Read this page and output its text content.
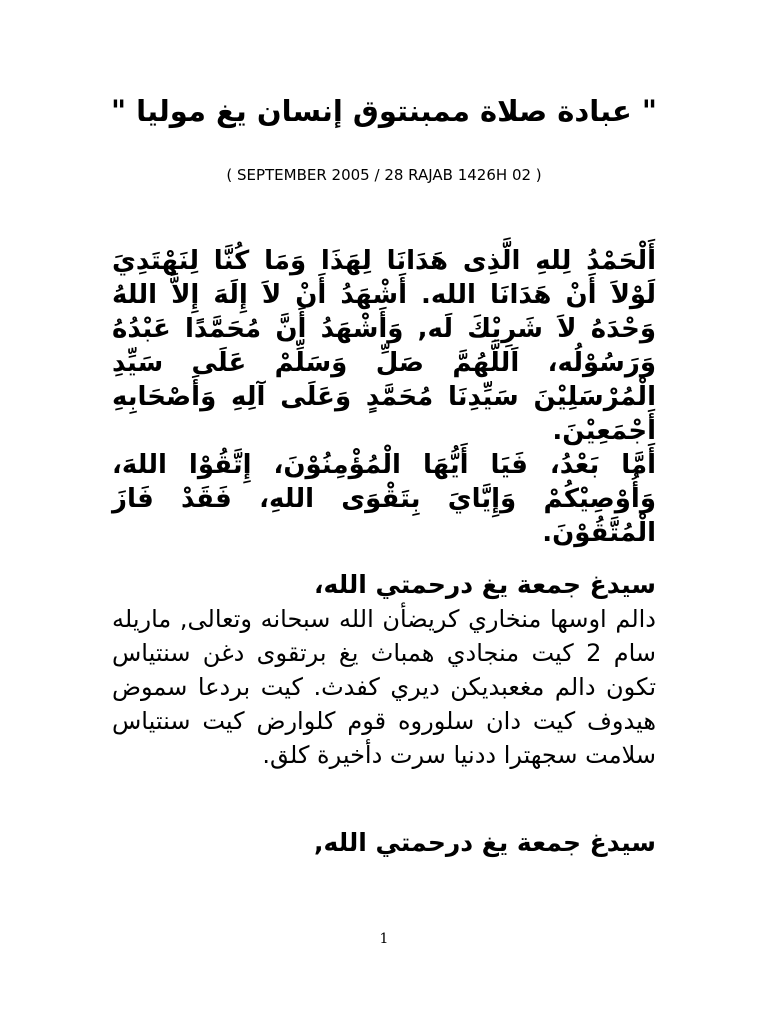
" عبادة صلاة ممبنتوق إنسان يغ موليا "
( SEPTEMBER 2005 / 28 RAJAB 1426H 02 )

أَلْحَمْدُ لِلهِ الَّذِى هَدَانَا لِهَذَا وَمَا كُنَّا لِنَهْتَدِيَ لَوْلاَ أَنْ هَدَانَا الله. أَشْهَدُ أَنْ لاَ إِلَهَ إِلاَّ اللهُ وَحْدَهُ لاَ شَرِيْكَ لَه, وَأَشْهَدُ أَنَّ مُحَمَّدًا عَبْدُهُ وَرَسُوْلُه، اَللَّهُمَّ صَلِّ وَسَلِّمْ عَلَى سَيِّدِ الْمُرْسَلِيْنَ سَيِّدِنَا مُحَمَّدٍ وَعَلَى آلِهِ وَأَصْحَابِهِ أَجْمَعِيْنَ.

أَمَّا بَعْدُ، فَيَا أَيُّهَا الْمُؤْمِنُوْنَ، إِتَّقُوْا اللهَ، وَأُوْصِيْكُمْ وَإِيَّايَ بِتَقْوَى اللهِ، فَقَدْ فَازَ الْمُتَّقُوْنَ.

سيدغ جمعة يغ درحمتي الله،

دالم اوسها منخاري كريضأن الله سبحانه وتعالى, ماريله سام 2 كيت منجادي همباث يغ برتقوى دغن سنتياس تكون دالم مغعبديكن ديري كفدث. كيت بردعا سموض هيدوف كيت دان سلوروه قوم كلوارض كيت سنتياس سلامت سجهترا ددنيا سرت دأخيرة كلق.

سيدغ جمعة يغ درحمتي الله,
1
